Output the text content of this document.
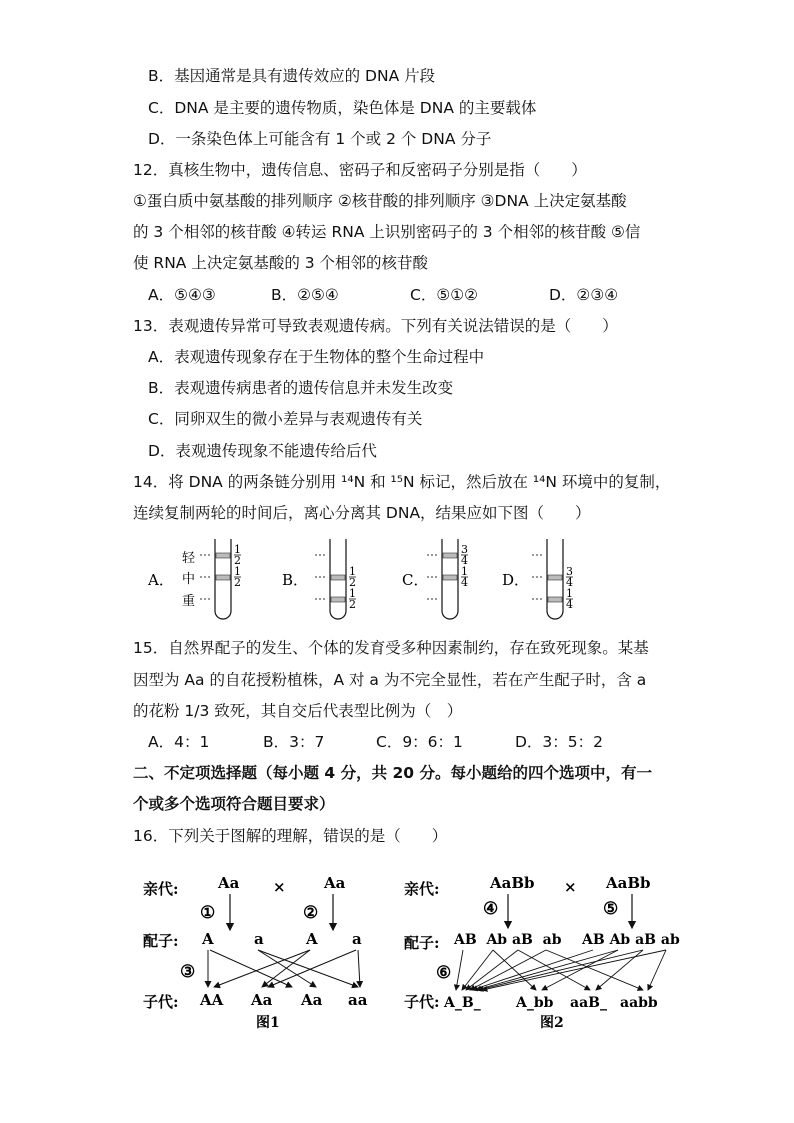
B．基因通常是具有遗传效应的 DNA 片段
C．DNA 是主要的遗传物质，染色体是 DNA 的主要载体
D．一条染色体上可能含有 1 个或 2 个 DNA 分子
12．真核生物中，遗传信息、密码子和反密码子分别是指（　　）
①蛋白质中氨基酸的排列顺序 ②核苷酸的排列顺序 ③DNA 上决定氨基酸
的 3 个相邻的核苷酸 ④转运 RNA 上识别密码子的 3 个相邻的核苷酸 ⑤信
使 RNA 上决定氨基酸的 3 个相邻的核苷酸
A．⑤④③	B．②⑤④	C．⑤①②	D．②③④
13．表观遗传异常可导致表观遗传病。下列有关说法错误的是（　　）
A．表观遗传现象存在于生物体的整个生命过程中
B．表观遗传病患者的遗传信息并未发生改变
C．同卵双生的微小差异与表观遗传有关
D．表观遗传现象不能遗传给后代
14．将 DNA 的两条链分别用 ¹⁴N 和 ¹⁵N 标记，然后放在 ¹⁴N 环境中的复制，
连续复制两轮的时间后，离心分离其 DNA，结果应如下图（　　）
A．
轻
中
重
1
2
1
2	B．	1
2
1
2
C．
3
4
1
4 D．	3
4
1
4
15．自然界配子的发生、个体的发育受多种因素制约，存在致死现象。某基
因型为 Aa 的自花授粉植株，A 对 a 为不完全显性，若在产生配子时，含 a
的花粉 1/3 致死，其自交后代表型比例为（　）
A．4：1	B．3：7	C．9：6：1	D．3：5：2
二、不定项选择题（每小题 4 分，共 20 分。每小题给的四个选项中，有一
个或多个选项符合题目要求）
16．下列关于图解的理解，错误的是（　　）
亲代:	Aa ×	Aa
①	②
配子: A	a	A a
③
子代: AA Aa Aa aa
图1
亲代:	AaBb × AaBb
④	⑤
配子: AB  Ab aB  ab AB Ab aB ab
⑥
子代: A_B_	A_bb aaB_ aabb
图2
